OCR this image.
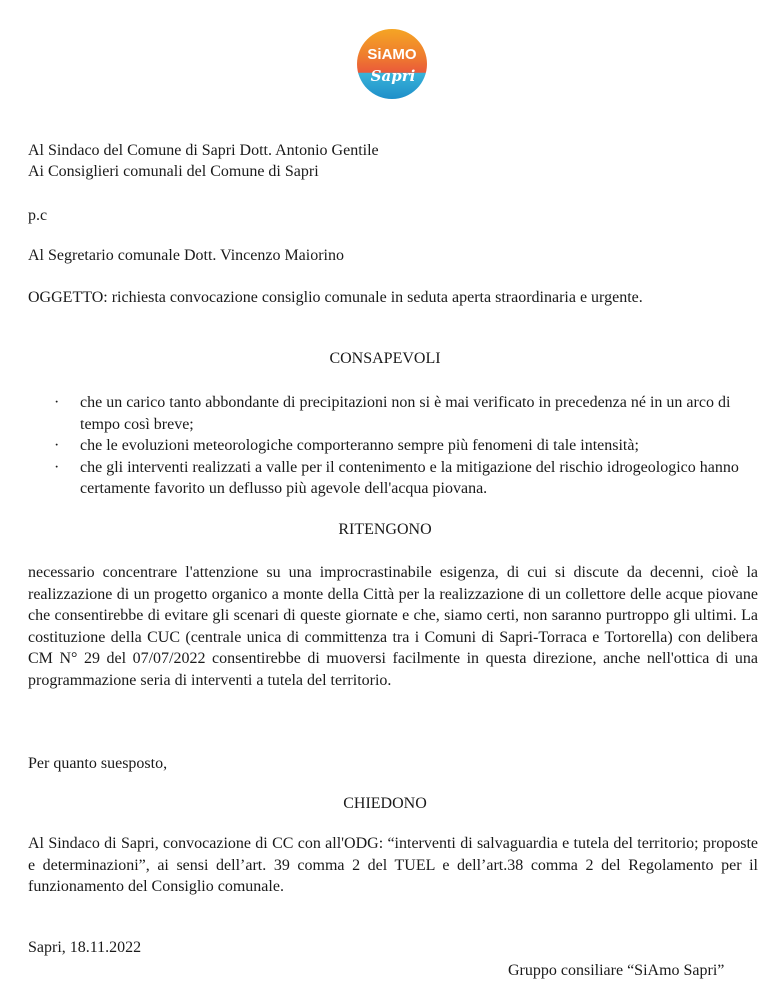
SiAMO
Sapri
Al Sindaco del Comune di Sapri Dott. Antonio Gentile
Ai Consiglieri comunali del Comune di Sapri
p.c
Al Segretario comunale Dott. Vincenzo Maiorino
OGGETTO: richiesta convocazione consiglio comunale in seduta aperta straordinaria e urgente.
CONSAPEVOLI
· che un carico tanto abbondante di precipitazioni non si è mai verificato in precedenza né in un arco di tempo così breve;
· che le evoluzioni meteorologiche comporteranno sempre più fenomeni di tale intensità;
· che gli interventi realizzati a valle per il contenimento e la mitigazione del rischio idrogeologico hanno certamente favorito un deflusso più agevole dell'acqua piovana.
RITENGONO
necessario concentrare l'attenzione su una improcrastinabile esigenza, di cui si discute da decenni, cioè la realizzazione di un progetto organico a monte della Città per la realizzazione di un collettore delle acque piovane che consentirebbe di evitare gli scenari di queste giornate e che, siamo certi, non saranno purtroppo gli ultimi. La costituzione della CUC (centrale unica di committenza tra i Comuni di Sapri-Torraca e Tortorella) con delibera CM N° 29 del 07/07/2022 consentirebbe di muoversi facilmente in questa direzione, anche nell'ottica di una programmazione seria di interventi a tutela del territorio.
Per quanto suesposto,
CHIEDONO
Al Sindaco di Sapri, convocazione di CC con all'ODG: “interventi di salvaguardia e tutela del territorio; proposte e determinazioni”, ai sensi dell’art. 39 comma 2 del TUEL e dell’art.38 comma 2 del Regolamento per il funzionamento del Consiglio comunale.
Sapri, 18.11.2022
Gruppo consiliare “SiAmo Sapri”
